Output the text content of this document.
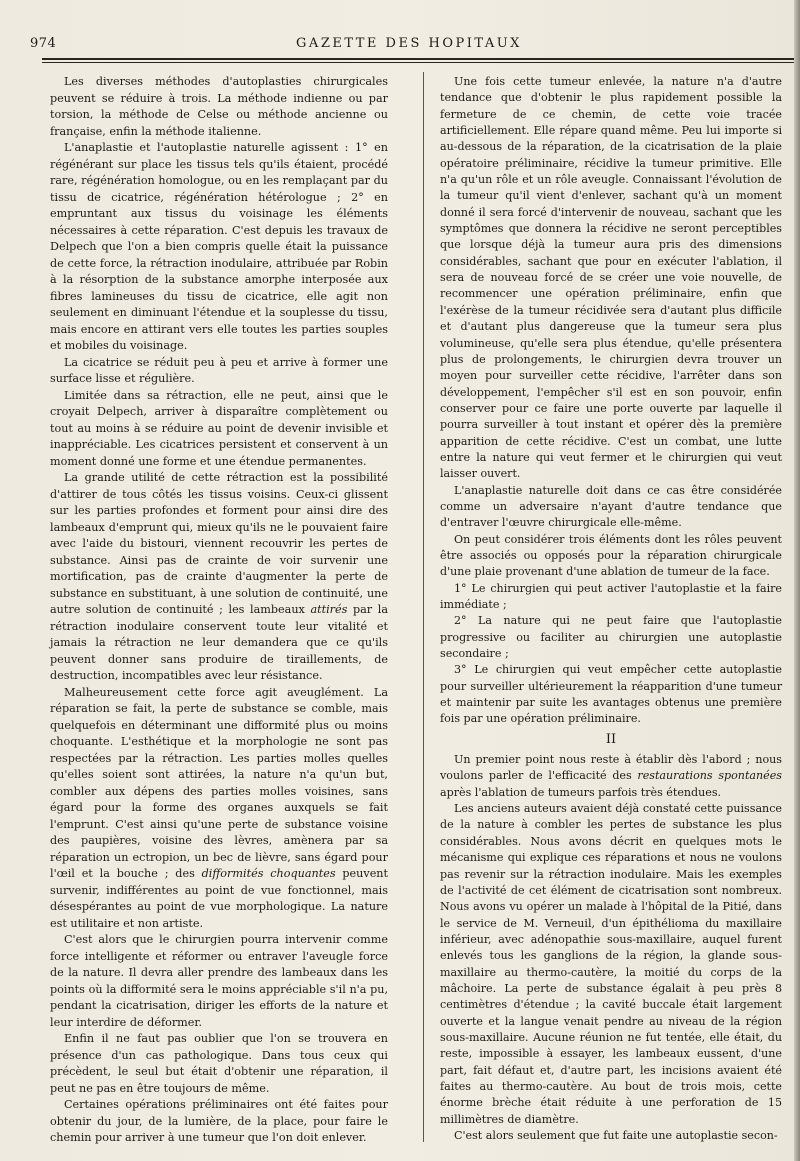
974	GAZETTE DES HOPITAUX

Les diverses méthodes d'autoplasties chirurgicales peuvent se réduire à trois. La méthode indienne ou par torsion, la méthode de Celse ou méthode ancienne ou française, enfin la méthode italienne.

L'anaplastie et l'autoplastie naturelle agissent : 1° en régénérant sur place les tissus tels qu'ils étaient, procédé rare, régénération homologue, ou en les remplaçant par du tissu de cicatrice, régénération hétérologue ; 2° en empruntant aux tissus du voisinage les éléments nécessaires à cette réparation. C'est depuis les travaux de Delpech que l'on a bien compris quelle était la puissance de cette force, la rétraction inodulaire, attribuée par Robin à la résorption de la substance amorphe interposée aux fibres lamineuses du tissu de cicatrice, elle agit non seulement en diminuant l'étendue et la souplesse du tissu, mais encore en attirant vers elle toutes les parties souples et mobiles du voisinage.

La cicatrice se réduit peu à peu et arrive à former une surface lisse et régulière.

Limitée dans sa rétraction, elle ne peut, ainsi que le croyait Delpech, arriver à disparaître complètement ou tout au moins à se réduire au point de devenir invisible et inappréciable. Les cicatrices persistent et conservent à un moment donné une forme et une étendue permanentes.

La grande utilité de cette rétraction est la possibilité d'attirer de tous côtés les tissus voisins. Ceux-ci glissent sur les parties profondes et forment pour ainsi dire des lambeaux d'emprunt qui, mieux qu'ils ne le pouvaient faire avec l'aide du bistouri, viennent recouvrir les pertes de substance. Ainsi pas de crainte de voir survenir une mortification, pas de crainte d'augmenter la perte de substance en substituant, à une solution de continuité, une autre solution de continuité ; les lambeaux attirés par la rétraction inodulaire conservent toute leur vitalité et jamais la rétraction ne leur demandera que ce qu'ils peuvent donner sans produire de tiraillements, de destruction, incompatibles avec leur résistance.

Malheureusement cette force agit aveuglément. La réparation se fait, la perte de substance se comble, mais quelquefois en déterminant une difformité plus ou moins choquante. L'esthétique et la morphologie ne sont pas respectées par la rétraction. Les parties molles quelles qu'elles soient sont attirées, la nature n'a qu'un but, combler aux dépens des parties molles voisines, sans égard pour la forme des organes auxquels se fait l'emprunt. C'est ainsi qu'une perte de substance voisine des paupières, voisine des lèvres, amènera par sa réparation un ectropion, un bec de lièvre, sans égard pour l'œil et la bouche ; des difformités choquantes peuvent survenir, indifférentes au point de vue fonctionnel, mais désespérantes au point de vue morphologique. La nature est utilitaire et non artiste.

C'est alors que le chirurgien pourra intervenir comme force intelligente et réformer ou entraver l'aveugle force de la nature. Il devra aller prendre des lambeaux dans les points où la difformité sera le moins appréciable s'il n'a pu, pendant la cicatrisation, diriger les efforts de la nature et leur interdire de déformer.

Enfin il ne faut pas oublier que l'on se trouvera en présence d'un cas pathologique. Dans tous ceux qui précèdent, le seul but était d'obtenir une réparation, il peut ne pas en être toujours de même.

Certaines opérations préliminaires ont été faites pour obtenir du jour, de la lumière, de la place, pour faire le chemin pour arriver à une tumeur que l'on doit enlever.

Une fois cette tumeur enlevée, la nature n'a d'autre tendance que d'obtenir le plus rapidement possible la fermeture de ce chemin, de cette voie tracée artificiellement. Elle répare quand même. Peu lui importe si au-dessous de la réparation, de la cicatrisation de la plaie opératoire préliminaire, récidive la tumeur primitive. Elle n'a qu'un rôle et un rôle aveugle. Connaissant l'évolution de la tumeur qu'il vient d'enlever, sachant qu'à un moment donné il sera forcé d'intervenir de nouveau, sachant que les symptômes que donnera la récidive ne seront perceptibles que lorsque déjà la tumeur aura pris des dimensions considérables, sachant que pour en exécuter l'ablation, il sera de nouveau forcé de se créer une voie nouvelle, de recommencer une opération préliminaire, enfin que l'exérèse de la tumeur récidivée sera d'autant plus difficile et d'autant plus dangereuse que la tumeur sera plus volumineuse, qu'elle sera plus étendue, qu'elle présentera plus de prolongements, le chirurgien devra trouver un moyen pour surveiller cette récidive, l'arrêter dans son développement, l'empêcher s'il est en son pouvoir, enfin conserver pour ce faire une porte ouverte par laquelle il pourra surveiller à tout instant et opérer dès la première apparition de cette récidive. C'est un combat, une lutte entre la nature qui veut fermer et le chirurgien qui veut laisser ouvert.

L'anaplastie naturelle doit dans ce cas être considérée comme un adversaire n'ayant d'autre tendance que d'entraver l'œuvre chirurgicale elle-même.

On peut considérer trois éléments dont les rôles peuvent être associés ou opposés pour la réparation chirurgicale d'une plaie provenant d'une ablation de tumeur de la face.

1° Le chirurgien qui peut activer l'autoplastie et la faire immédiate ;

2° La nature qui ne peut faire que l'autoplastie progressive ou faciliter au chirurgien une autoplastie secondaire ;

3° Le chirurgien qui veut empêcher cette autoplastie pour surveiller ultérieurement la réapparition d'une tumeur et maintenir par suite les avantages obtenus une première fois par une opération préliminaire.

II

Un premier point nous reste à établir dès l'abord ; nous voulons parler de l'efficacité des restaurations spontanées après l'ablation de tumeurs parfois très étendues.

Les anciens auteurs avaient déjà constaté cette puissance de la nature à combler les pertes de substance les plus considérables. Nous avons décrit en quelques mots le mécanisme qui explique ces réparations et nous ne voulons pas revenir sur la rétraction inodulaire. Mais les exemples de l'activité de cet élément de cicatrisation sont nombreux. Nous avons vu opérer un malade à l'hôpital de la Pitié, dans le service de M. Verneuil, d'un épithélioma du maxillaire inférieur, avec adénopathie sous-maxillaire, auquel furent enlevés tous les ganglions de la région, la glande sous-maxillaire au thermo-cautère, la moitié du corps de la mâchoire. La perte de substance égalait à peu près 8 centimètres d'étendue ; la cavité buccale était largement ouverte et la langue venait pendre au niveau de la région sous-maxillaire. Aucune réunion ne fut tentée, elle était, du reste, impossible à essayer, les lambeaux eussent, d'une part, fait défaut et, d'autre part, les incisions avaient été faites au thermo-cautère. Au bout de trois mois, cette énorme brèche était réduite à une perforation de 15 millimètres de diamètre.

C'est alors seulement que fut faite une autoplastie secon-
